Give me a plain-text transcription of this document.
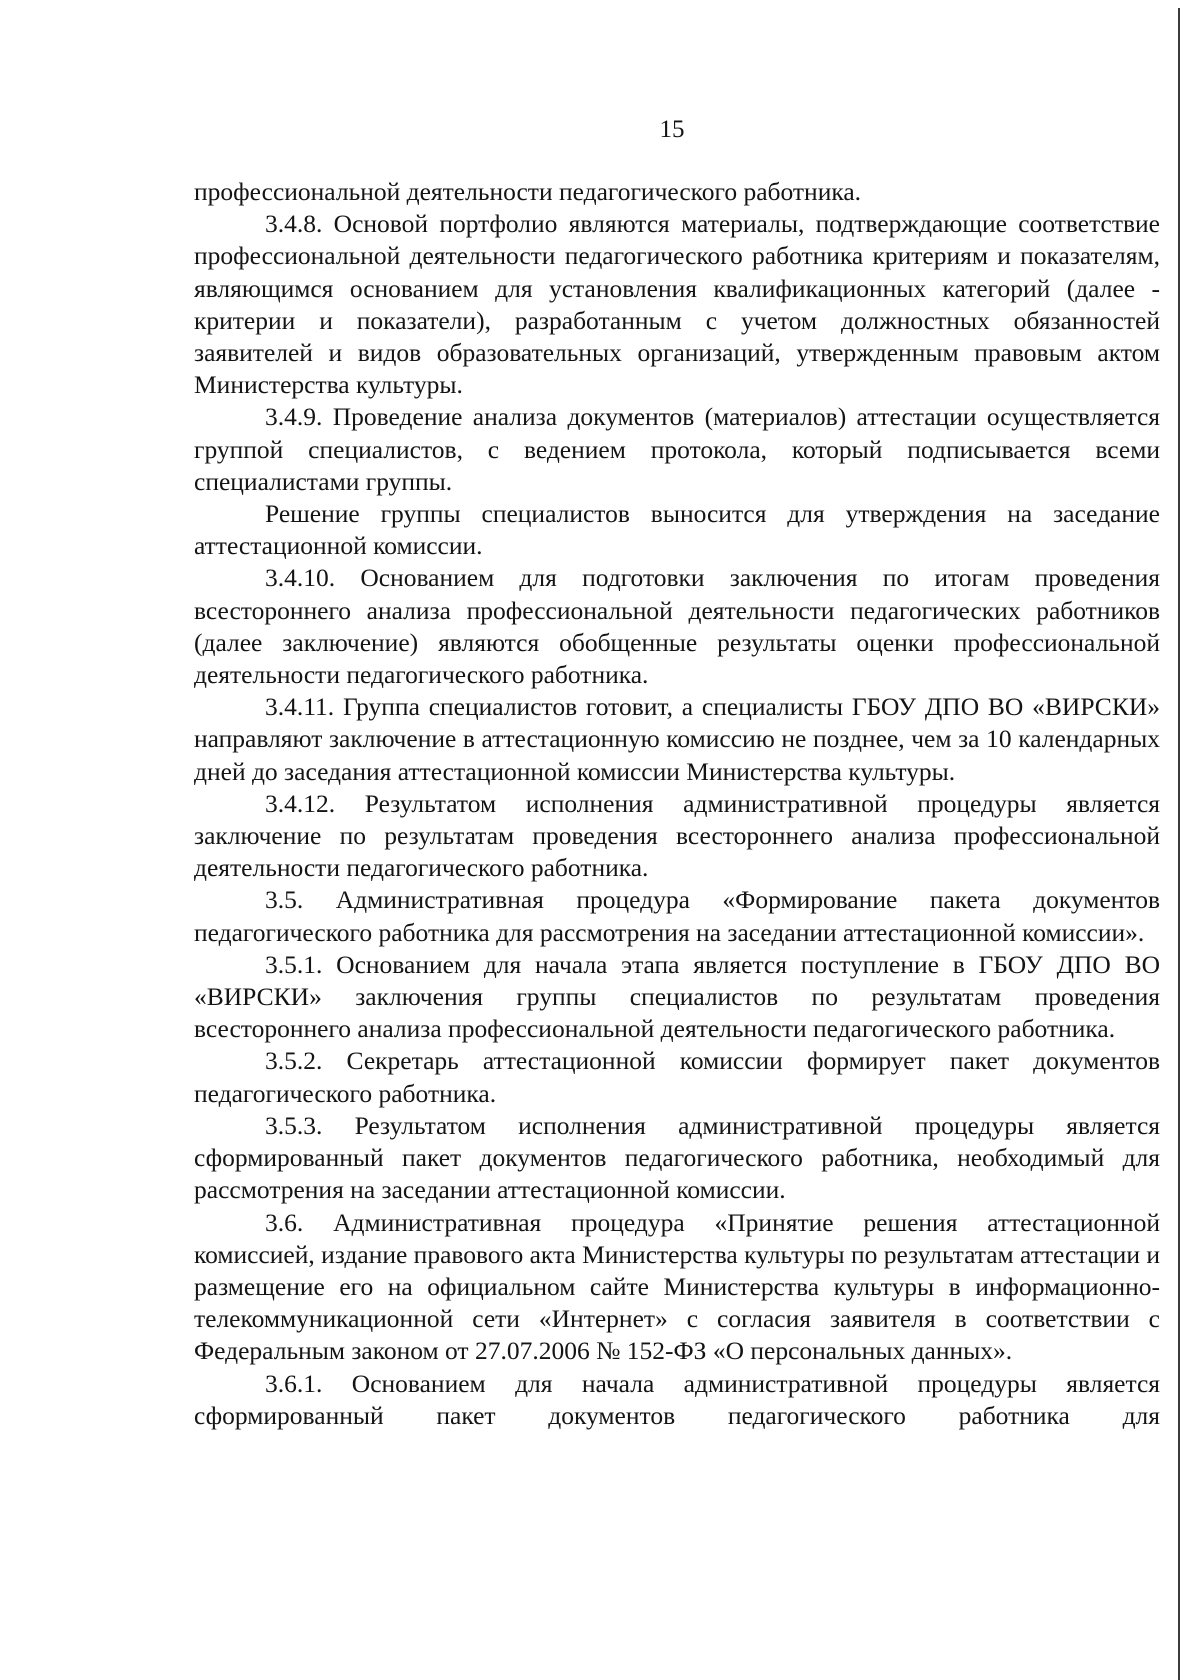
15

профессиональной деятельности педагогического работника.

3.4.8. Основой портфолио являются материалы, подтверждающие соответствие профессиональной деятельности педагогического работника критериям и показателям, являющимся основанием для установления квалификационных категорий (далее - критерии и показатели), разработанным с учетом должностных обязанностей заявителей и видов образовательных организаций, утвержденным правовым актом Министерства культуры.

3.4.9. Проведение анализа документов (материалов) аттестации осуществляется группой специалистов, с ведением протокола, который подписывается всеми специалистами группы.

Решение группы специалистов выносится для утверждения на заседание аттестационной комиссии.

3.4.10. Основанием для подготовки заключения по итогам проведения всестороннего анализа профессиональной деятельности педагогических работников (далее заключение) являются обобщенные результаты оценки профессиональной деятельности педагогического работника.

3.4.11. Группа специалистов готовит, а специалисты ГБОУ ДПО ВО «ВИРСКИ» направляют заключение в аттестационную комиссию не позднее, чем за 10 календарных дней до заседания аттестационной комиссии Министерства культуры.

3.4.12. Результатом исполнения административной процедуры является заключение по результатам проведения всестороннего анализа профессиональной деятельности педагогического работника.

3.5. Административная процедура «Формирование пакета документов педагогического работника для рассмотрения на заседании аттестационной комиссии».

3.5.1. Основанием для начала этапа является поступление в ГБОУ ДПО ВО «ВИРСКИ» заключения группы специалистов по результатам проведения всестороннего анализа профессиональной деятельности педагогического работника.

3.5.2. Секретарь аттестационной комиссии формирует пакет документов педагогического работника.

3.5.3. Результатом исполнения административной процедуры является сформированный пакет документов педагогического работника, необходимый для рассмотрения на заседании аттестационной комиссии.

3.6. Административная процедура «Принятие решения аттестационной комиссией, издание правового акта Министерства культуры по результатам аттестации и размещение его на официальном сайте Министерства культуры в информационно-телекоммуникационной сети «Интернет» с согласия заявителя в соответствии с Федеральным законом от 27.07.2006 № 152-ФЗ «О персональных данных».

3.6.1. Основанием для начала административной процедуры является сформированный пакет документов педагогического работника для
